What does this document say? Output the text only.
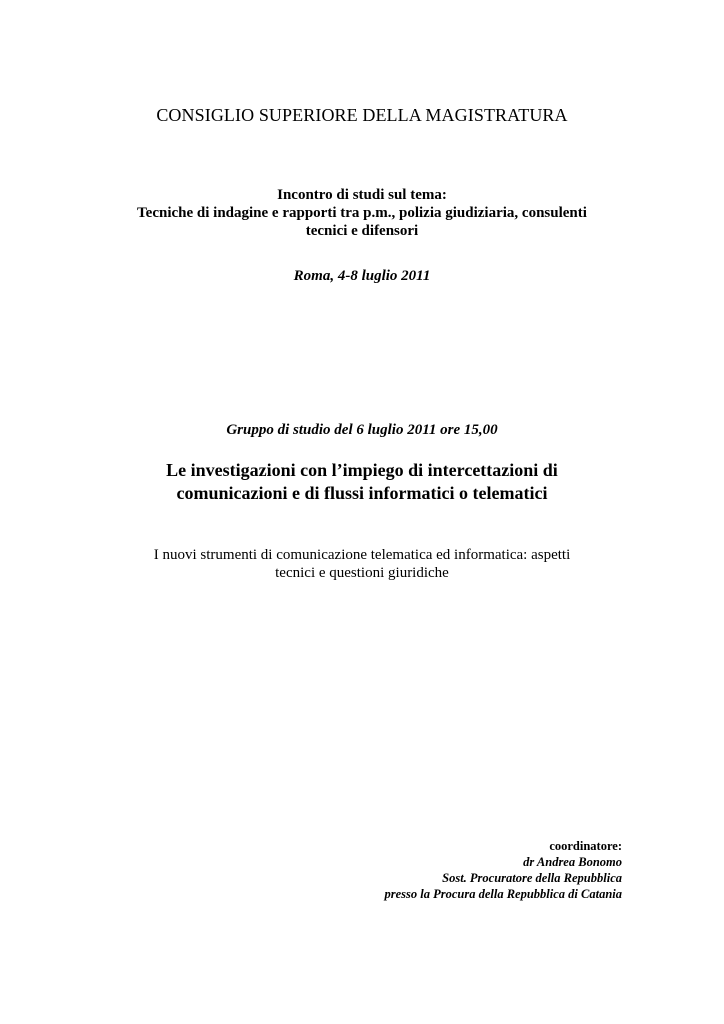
CONSIGLIO SUPERIORE DELLA MAGISTRATURA
Incontro di studi sul tema:
Tecniche di indagine e rapporti tra p.m., polizia giudiziaria, consulenti
tecnici e difensori
Roma, 4-8 luglio 2011
Gruppo di studio del 6 luglio 2011 ore 15,00
Le investigazioni con l’impiego di intercettazioni di
comunicazioni e di flussi informatici o telematici
I nuovi strumenti di comunicazione telematica ed informatica: aspetti
tecnici e questioni giuridiche
coordinatore:
dr Andrea Bonomo
Sost. Procuratore della Repubblica
presso la Procura della Repubblica di Catania
